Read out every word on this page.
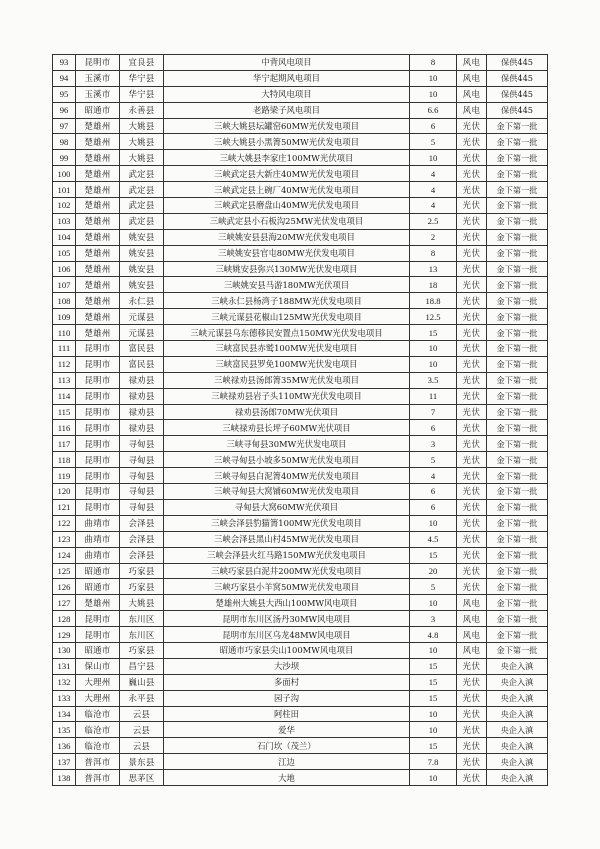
93	昆明市	宜良县	中背风电项目	8	风电	保供445
94	玉溪市	华宁县	华宁起期风电项目	10	风电	保供445
95	玉溪市	华宁县	大特风电项目	10	风电	保供445
96	昭通市	永善县	老路梁子风电项目	6.6	风电	保供445
97	楚雄州	大姚县	三峡大姚县坛罐窑60MW光伏发电项目	6	光伏	金下第一批
98	楚雄州	大姚县	三峡大姚县小黑箐50MW光伏发电项目	5	光伏	金下第一批
99	楚雄州	大姚县	三峡大姚县李家庄100MW光伏项目	10	光伏	金下第一批
100	楚雄州	武定县	三峡武定县大新庄40MW光伏发电项目	4	光伏	金下第一批
101	楚雄州	武定县	三峡武定县上碗厂40MW光伏发电项目	4	光伏	金下第一批
102	楚雄州	武定县	三峡武定县磨盘山40MW光伏发电项目	4	光伏	金下第一批
103	楚雄州	武定县	三峡武定县小石板沟25MW光伏发电项目	2.5	光伏	金下第一批
104	楚雄州	姚安县	三峡姚安县县海20MW光伏发电项目	2	光伏	金下第一批
105	楚雄州	姚安县	三峡姚安县官屯80MW光伏发电项目	8	光伏	金下第一批
106	楚雄州	姚安县	三峡姚安县弥兴130MW光伏发电项目	13	光伏	金下第一批
107	楚雄州	姚安县	三峡姚安县马游180MW光伏项目	18	光伏	金下第一批
108	楚雄州	永仁县	三峡永仁县杨湾子188MW光伏发电项目	18.8	光伏	金下第一批
109	楚雄州	元谋县	三峡元谋县花椒山125MW光伏发电项目	12.5	光伏	金下第一批
110	楚雄州	元谋县	三峡元谋县乌东德移民安置点150MW光伏发电项目	15	光伏	金下第一批
111	昆明市	富民县	三峡富民县赤鹫100MW光伏发电项目	10	光伏	金下第一批
112	昆明市	富民县	三峡富民县罗免100MW光伏发电项目	10	光伏	金下第一批
113	昆明市	禄劝县	三峡禄劝县汤郎箐35MW光伏发电项目	3.5	光伏	金下第一批
114	昆明市	禄劝县	三峡禄劝县岩子头110MW光伏发电项目	11	光伏	金下第一批
115	昆明市	禄劝县	禄劝县汤郎70MW光伏项目	7	光伏	金下第一批
116	昆明市	禄劝县	三峡禄劝县长坪子60MW光伏项目	6	光伏	金下第一批
117	昆明市	寻甸县	三峡寻甸县30MW光伏发电项目	3	光伏	金下第一批
118	昆明市	寻甸县	三峡寻甸县小坡多50MW光伏发电项目	5	光伏	金下第一批
119	昆明市	寻甸县	三峡寻甸县白泥箐40MW光伏发电项目	4	光伏	金下第一批
120	昆明市	寻甸县	三峡寻甸县大窝铺60MW光伏发电项目	6	光伏	金下第一批
121	昆明市	寻甸县	寻甸县大窝60MW光伏项目	6	光伏	金下第一批
122	曲靖市	会泽县	三峡会泽县豹猫箐100MW光伏发电项目	10	光伏	金下第一批
123	曲靖市	会泽县	三峡会泽县黑山村45MW光伏发电项目	4.5	光伏	金下第一批
124	曲靖市	会泽县	三峡会泽县火红马路150MW光伏发电项目	15	光伏	金下第一批
125	昭通市	巧家县	三峡巧家县白泥井200MW光伏发电项目	20	光伏	金下第一批
126	昭通市	巧家县	三峡巧家县小羊窝50MW光伏发电项目	5	光伏	金下第一批
127	楚雄州	大姚县	楚雄州大姚县大西山100MW风电项目	10	风电	金下第一批
128	昆明市	东川区	昆明市东川区汤丹30MW风电项目	3	风电	金下第一批
129	昆明市	东川区	昆明市东川区乌龙48MW风电项目	4.8	风电	金下第一批
130	昭通市	巧家县	昭通市巧家县尖山100MW风电项目	10	风电	金下第一批
131	保山市	昌宁县	大沙坝	15	光伏	央企入滇
132	大理州	巍山县	多面村	15	光伏	央企入滇
133	大理州	永平县	园子沟	15	光伏	央企入滇
134	临沧市	云县	阿柱田	10	光伏	央企入滇
135	临沧市	云县	爱华	10	光伏	央企入滇
136	临沧市	云县	石门坎（茂兰）	15	光伏	央企入滇
137	普洱市	景东县	江边	7.8	光伏	央企入滇
138	普洱市	思茅区	大地	10	光伏	央企入滇
